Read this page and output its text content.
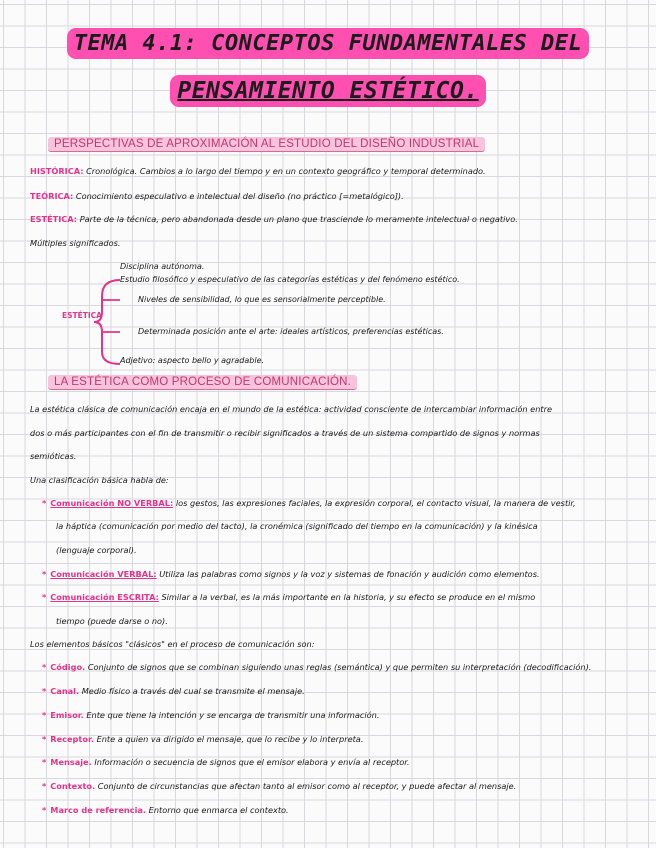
TEMA 4.1: CONCEPTOS FUNDAMENTALES DEL
PENSAMIENTO ESTÉTICO.
PERSPECTIVAS DE APROXIMACIÓN AL ESTUDIO DEL DISEÑO INDUSTRIAL
HISTÓRICA: Cronológica. Cambios a lo largo del tiempo y en un contexto geográfico y temporal determinado.
TEÓRICA: Conocimiento especulativo e intelectual del diseño (no práctico [=metalógico]).
ESTÉTICA: Parte de la técnica, pero abandonada desde un plano que trasciende lo meramente intelectual o negativo.
Múltiples significados.
ESTÉTICA
Disciplina autónoma.
Estudio filosófico y especulativo de las categorías estéticas y del fenómeno estético.
Niveles de sensibilidad, lo que es sensorialmente perceptible.
Determinada posición ante el arte: ideales artísticos, preferencias estéticas.
Adjetivo: aspecto bello y agradable.
LA ESTÉTICA COMO PROCESO DE COMUNICACIÓN.
La estética clásica de comunicación encaja en el mundo de la estética: actividad consciente de intercambiar información entre
dos o más participantes con el fin de transmitir o recibir significados a través de un sistema compartido de signos y normas
semióticas.
Una clasificación básica habla de:
* Comunicación NO VERBAL: los gestos, las expresiones faciales, la expresión corporal, el contacto visual, la manera de vestir,
la háptica (comunicación por medio del tacto), la cronémica (significado del tiempo en la comunicación) y la kinésica
(lenguaje corporal).
* Comunicación VERBAL: Utiliza las palabras como signos y la voz y sistemas de fonación y audición como elementos.
* Comunicación ESCRITA: Similar a la verbal, es la más importante en la historia, y su efecto se produce en el mismo
tiempo (puede darse o no).
Los elementos básicos "clásicos" en el proceso de comunicación son:
* Código. Conjunto de signos que se combinan siguiendo unas reglas (semántica) y que permiten su interpretación (decodificación).
* Canal. Medio físico a través del cual se transmite el mensaje.
* Emisor. Ente que tiene la intención y se encarga de transmitir una información.
* Receptor. Ente a quien va dirigido el mensaje, que lo recibe y lo interpreta.
* Mensaje. Información o secuencia de signos que el emisor elabora y envía al receptor.
* Contexto. Conjunto de circunstancias que afectan tanto al emisor como al receptor, y puede afectar al mensaje.
* Marco de referencia. Entorno que enmarca el contexto.
